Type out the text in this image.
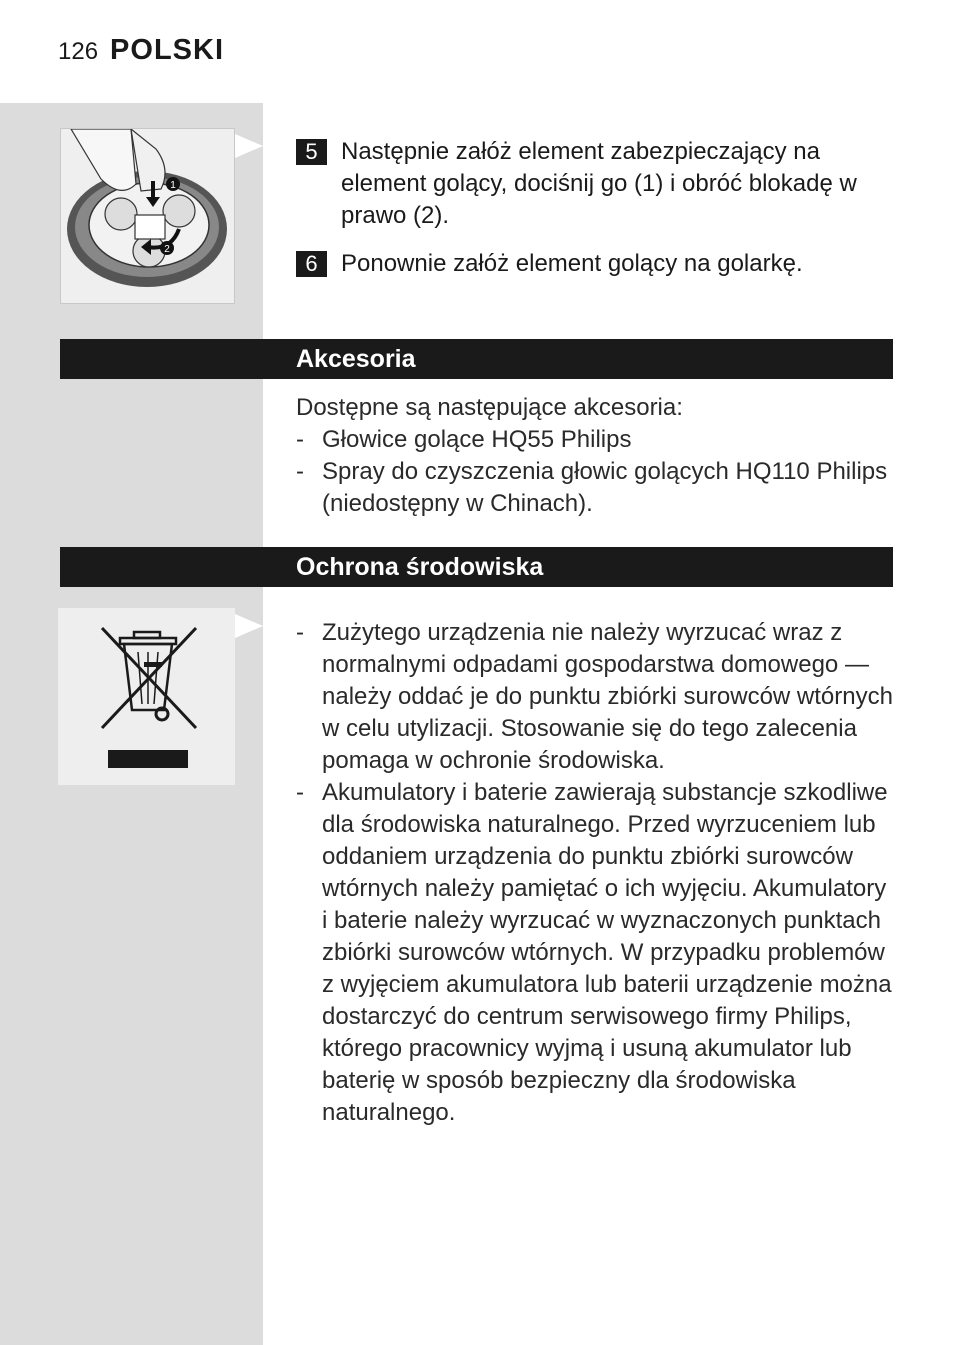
126 POLSKI
1
2
5 Następnie załóż element zabezpieczający na element golący, dociśnij go (1) i obróć blokadę w prawo (2).
6 Ponownie załóż element golący na golarkę.
Akcesoria

Dostępne są następujące akcesoria:

- Głowice golące HQ55 Philips
- Spray do czyszczenia głowic golących HQ110 Philips (niedostępny w Chinach).
Ochrona środowiska
- Zużytego urządzenia nie należy wyrzucać wraz z normalnymi odpadami gospodarstwa domowego — należy oddać je do punktu zbiórki surowców wtórnych w celu utylizacji. Stosowanie się do tego zalecenia pomaga w ochronie środowiska.
- Akumulatory i baterie zawierają substancje szkodliwe dla środowiska naturalnego. Przed wyrzuceniem lub oddaniem urządzenia do punktu zbiórki surowców wtórnych należy pamiętać o ich wyjęciu. Akumulatory i baterie należy wyrzucać w wyznaczonych punktach zbiórki surowców wtórnych. W przypadku problemów z wyjęciem akumulatora lub baterii urządzenie można dostarczyć do centrum serwisowego firmy Philips, którego pracownicy wyjmą i usuną akumulator lub baterię w sposób bezpieczny dla środowiska naturalnego.
